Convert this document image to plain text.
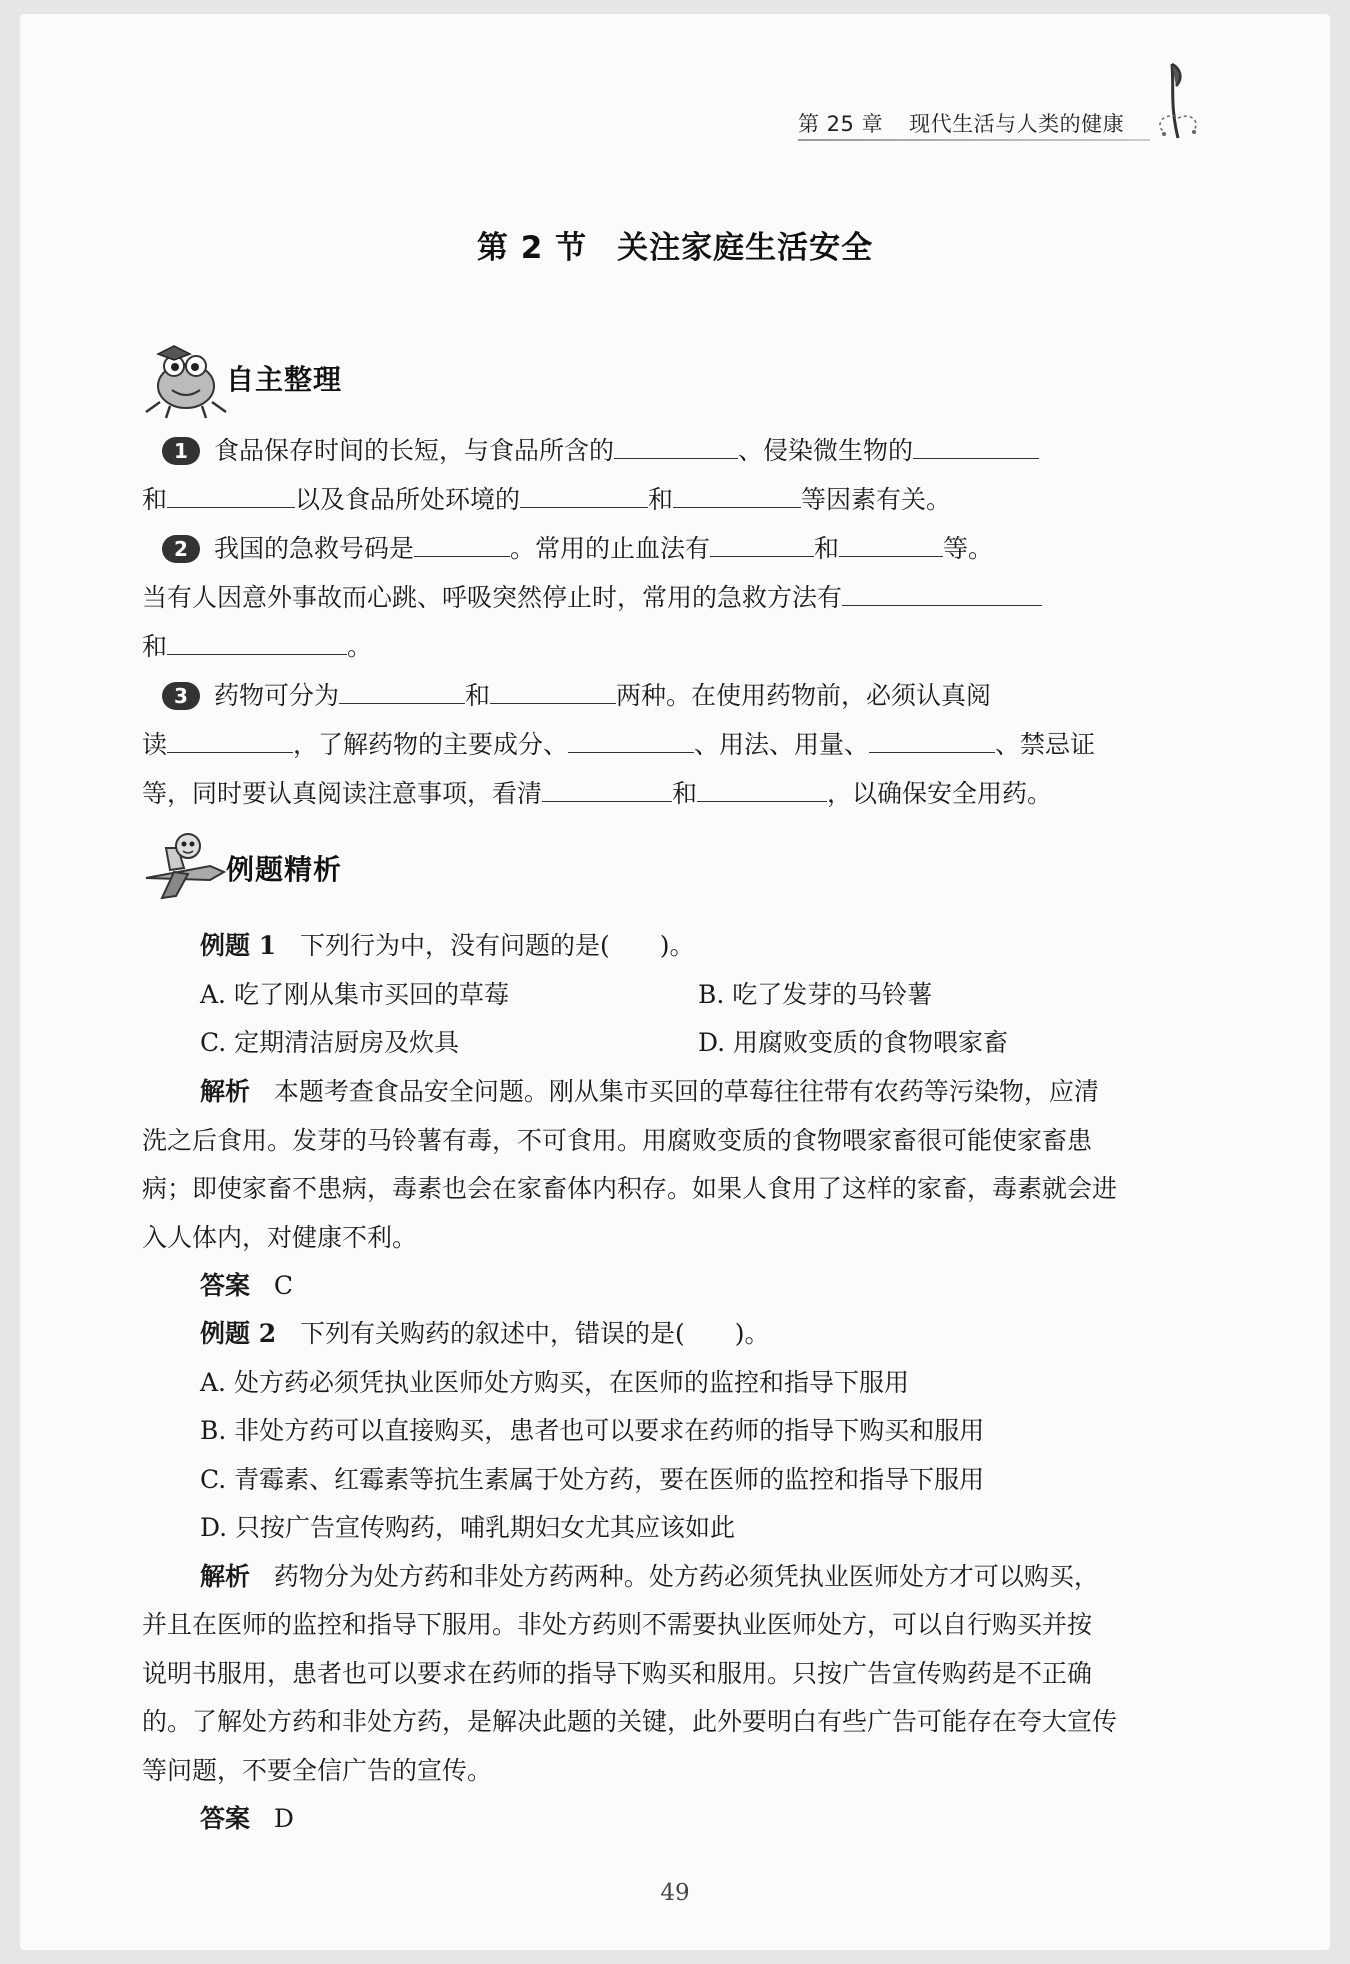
第 25 章 现代生活与人类的健康
第 2 节 关注家庭生活安全
自主整理
1 食品保存时间的长短，与食品所含的	、侵染微生物的
和	以及食品所处环境的	和	等因素有关。
2 我国的急救号码是	。常用的止血法有	和	等。
当有人因意外事故而心跳、呼吸突然停止时，常用的急救方法有
和	。
3 药物可分为	和	两种。在使用药物前，必须认真阅
读	，了解药物的主要成分、	、用法、用量、	、禁忌证
等，同时要认真阅读注意事项，看清	和	，以确保安全用药。
例题精析
例题 1 下列行为中，没有问题的是(　　)。
A. 吃了刚从集市买回的草莓	B. 吃了发芽的马铃薯
C. 定期清洁厨房及炊具	D. 用腐败变质的食物喂家畜
解析 本题考查食品安全问题。刚从集市买回的草莓往往带有农药等污染物，应清
洗之后食用。发芽的马铃薯有毒，不可食用。用腐败变质的食物喂家畜很可能使家畜患
病；即使家畜不患病，毒素也会在家畜体内积存。如果人食用了这样的家畜，毒素就会进
入人体内，对健康不利。
答案 C
例题 2 下列有关购药的叙述中，错误的是(　　)。
A. 处方药必须凭执业医师处方购买，在医师的监控和指导下服用
B. 非处方药可以直接购买，患者也可以要求在药师的指导下购买和服用
C. 青霉素、红霉素等抗生素属于处方药，要在医师的监控和指导下服用
D. 只按广告宣传购药，哺乳期妇女尤其应该如此
解析 药物分为处方药和非处方药两种。处方药必须凭执业医师处方才可以购买，
并且在医师的监控和指导下服用。非处方药则不需要执业医师处方，可以自行购买并按
说明书服用，患者也可以要求在药师的指导下购买和服用。只按广告宣传购药是不正确
的。了解处方药和非处方药，是解决此题的关键，此外要明白有些广告可能存在夸大宣传
等问题，不要全信广告的宣传。
答案 D
49
